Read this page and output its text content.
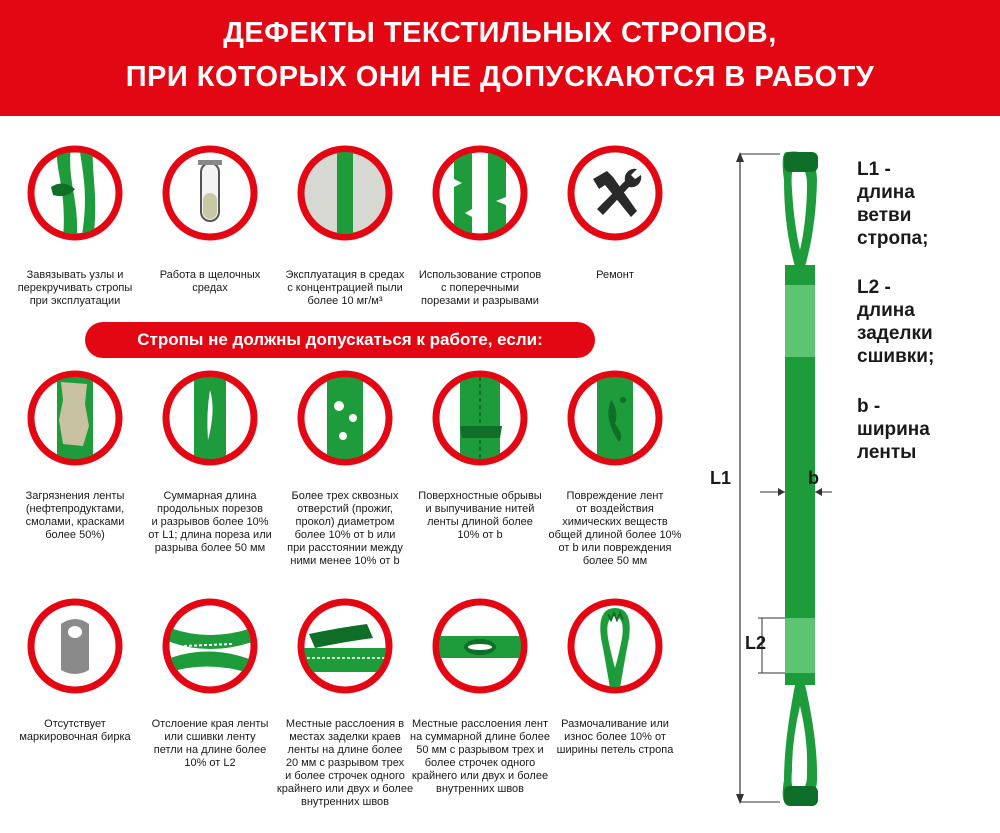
ДЕФЕКТЫ ТЕКСТИЛЬНЫХ СТРОПОВ,
ПРИ КОТОРЫХ ОНИ НЕ ДОПУСКАЮТСЯ В РАБОТУ
Завязывать узлы и
перекручивать стропы
при эксплуатации
Работа в щелочных
средах
Эксплуатация в средах
с концентрацией пыли
более 10 мг/м³
Использование стропов
с поперечными
порезами и разрывами
Ремонт
Стропы не должны допускаться к работе, если:
Загрязнения ленты
(нефтепродуктами,
смолами, красками
более 50%)
Суммарная длина
продольных порезов
и разрывов более 10%
от L1; длина пореза или
разрыва более 50 мм
Более трех сквозных
отверстий (прожиг,
прокол) диаметром
более 10% от b или
при расстоянии между
ними менее 10% от b
Поверхностные обрывы
и выпучивание нитей
ленты длиной более
10% от b
Повреждение лент
от воздействия
химических веществ
общей длиной более 10%
от b или повреждения
более 50 мм
Отсутствует
маркировочная бирка
Отслоение края ленты
или сшивки ленту
петли на длине более
10% от L2
Местные расслоения в
местах заделки краев
ленты на длине более
20 мм с разрывом трех
и более строчек одного
крайнего или двух и более
внутренних швов
Местные расслоения лент
на суммарной длине более
50 мм с разрывом трех и
более строчек одного
крайнего или двух и более
внутренних швов
Размочаливание или
износ более 10% от
ширины петель стропа
L1	b
L2
L1 -
длина
ветви
стропа;
L2 -
длина
заделки
сшивки;
b -
ширина
ленты
